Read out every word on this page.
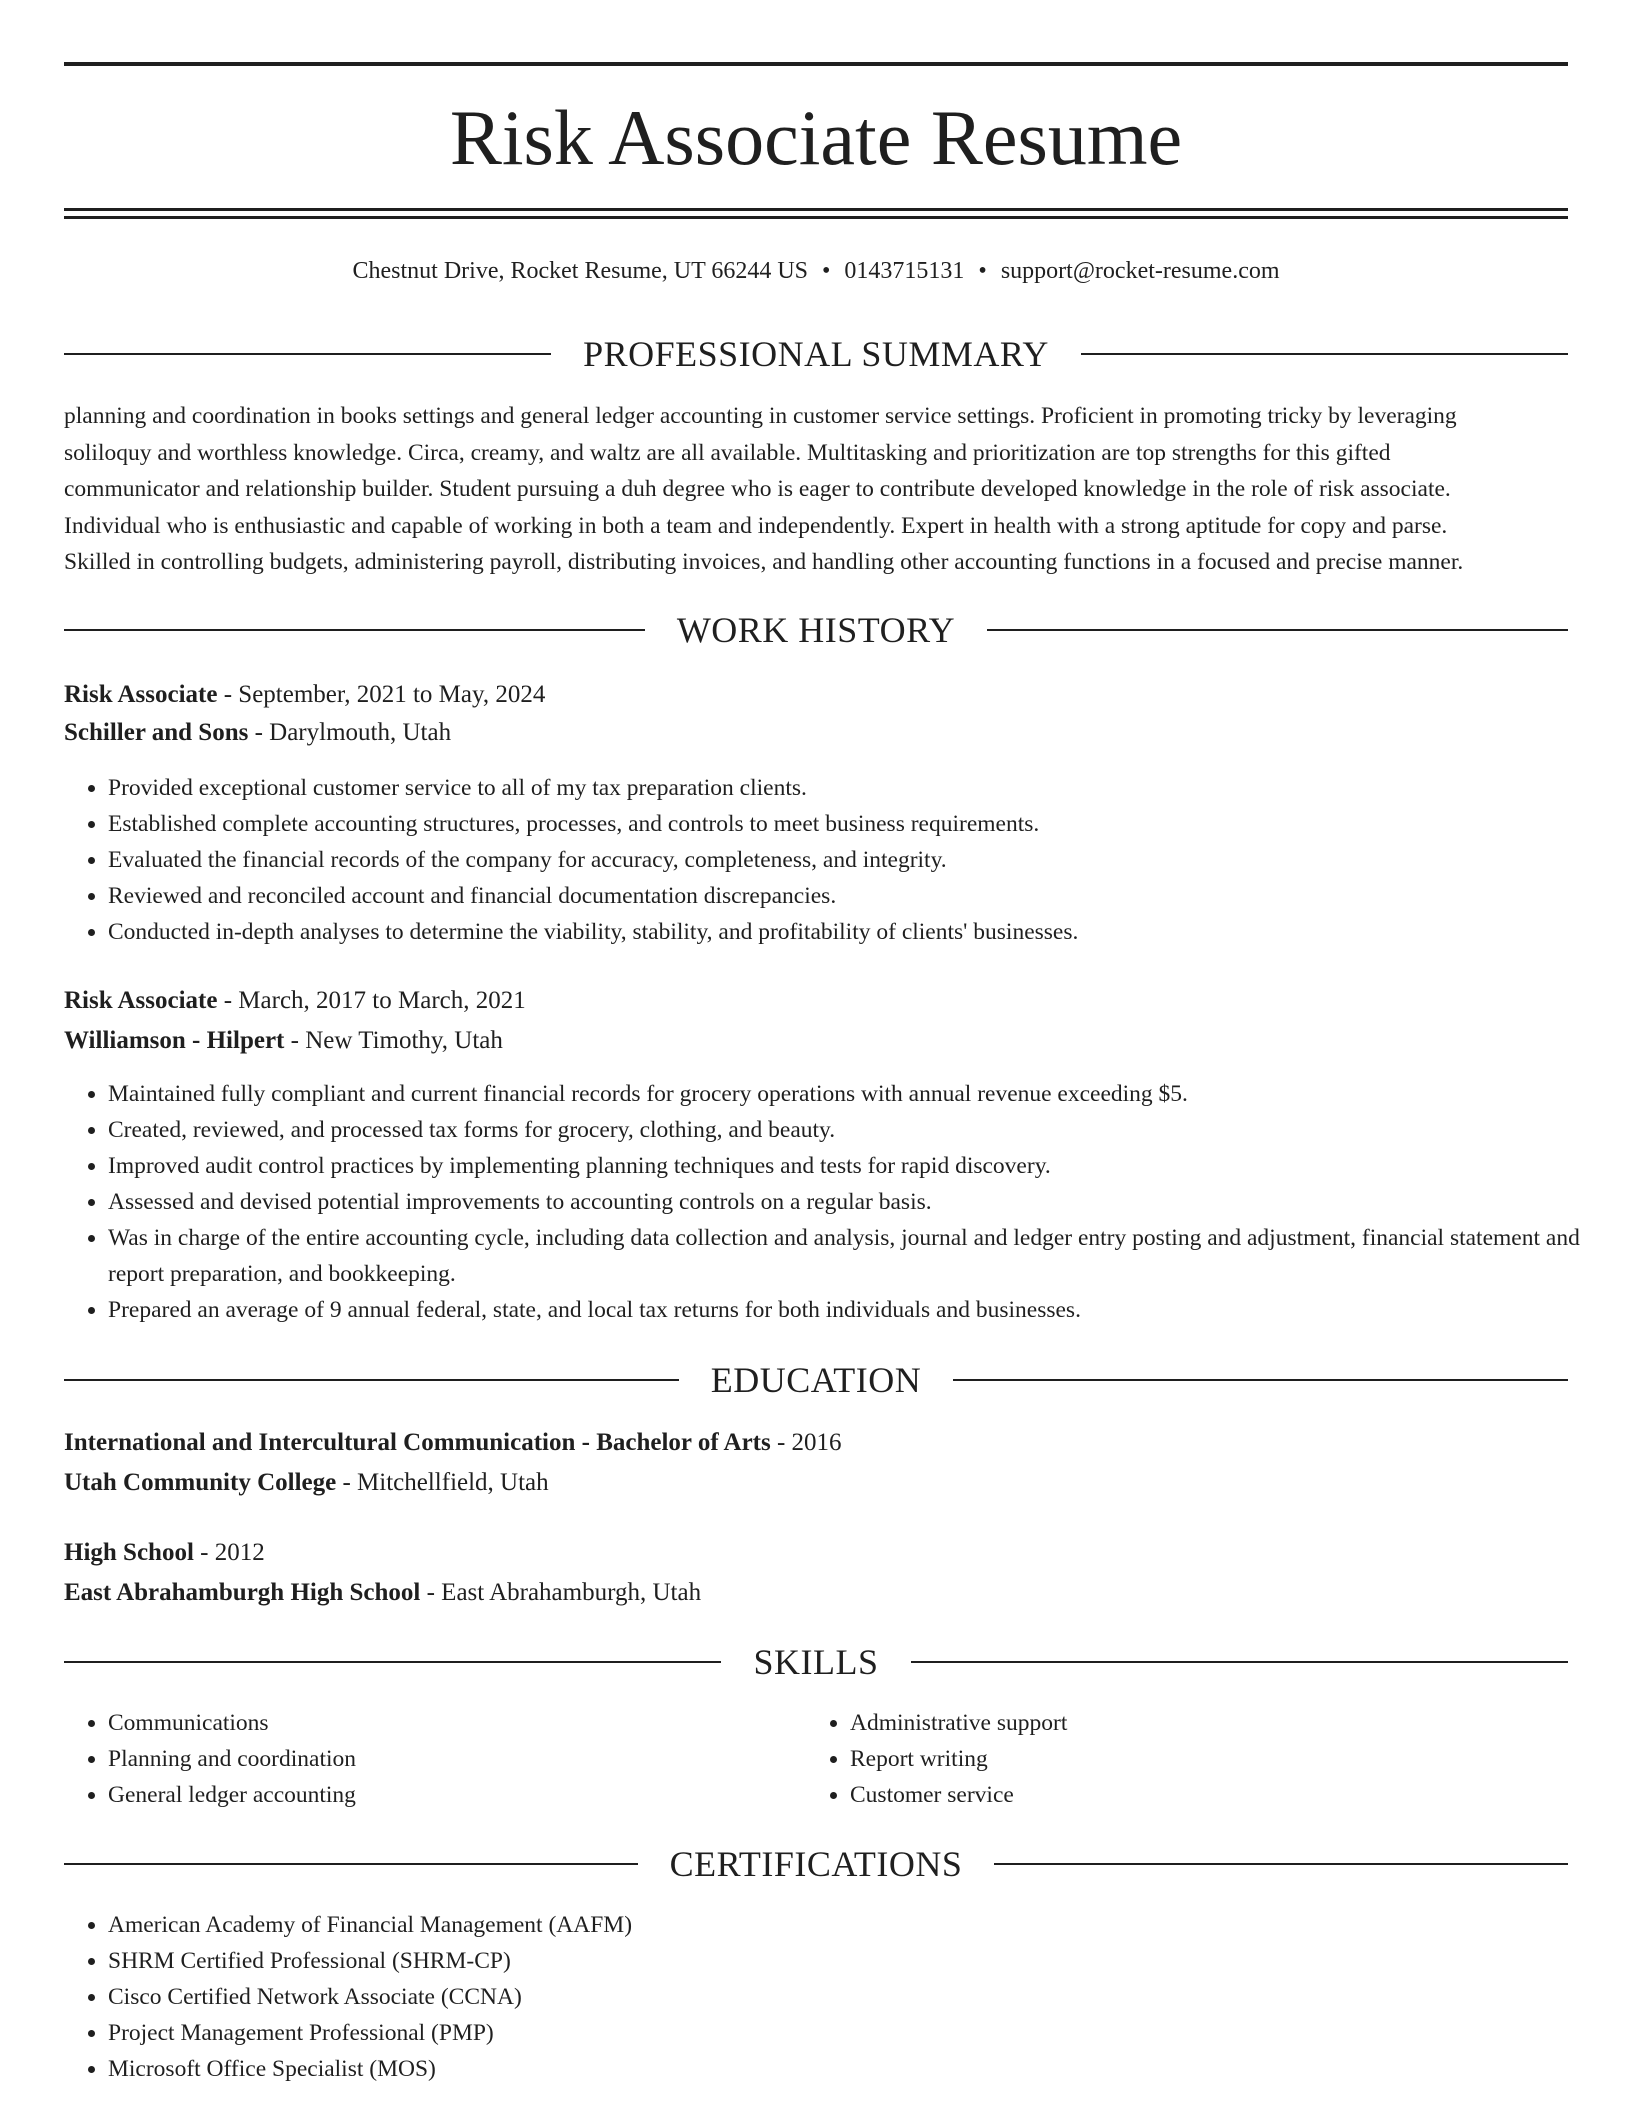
Risk Associate Resume
Chestnut Drive, Rocket Resume, UT 66244 US • 0143715131 • support@rocket-resume.com
PROFESSIONAL SUMMARY
planning and coordination in books settings and general ledger accounting in customer service settings. Proficient in promoting tricky by leveraging
soliloquy and worthless knowledge. Circa, creamy, and waltz are all available. Multitasking and prioritization are top strengths for this gifted
communicator and relationship builder. Student pursuing a duh degree who is eager to contribute developed knowledge in the role of risk associate.
Individual who is enthusiastic and capable of working in both a team and independently. Expert in health with a strong aptitude for copy and parse.
Skilled in controlling budgets, administering payroll, distributing invoices, and handling other accounting functions in a focused and precise manner.
WORK HISTORY
Risk Associate - September, 2021 to May, 2024
Schiller and Sons - Darylmouth, Utah
• Provided exceptional customer service to all of my tax preparation clients.
• Established complete accounting structures, processes, and controls to meet business requirements.
• Evaluated the financial records of the company for accuracy, completeness, and integrity.
• Reviewed and reconciled account and financial documentation discrepancies.
• Conducted in-depth analyses to determine the viability, stability, and profitability of clients' businesses.
Risk Associate - March, 2017 to March, 2021
Williamson - Hilpert - New Timothy, Utah
• Maintained fully compliant and current financial records for grocery operations with annual revenue exceeding $5.
• Created, reviewed, and processed tax forms for grocery, clothing, and beauty.
• Improved audit control practices by implementing planning techniques and tests for rapid discovery.
• Assessed and devised potential improvements to accounting controls on a regular basis.
• Was in charge of the entire accounting cycle, including data collection and analysis, journal and ledger entry posting and adjustment, financial statement and report preparation, and bookkeeping.
• Prepared an average of 9 annual federal, state, and local tax returns for both individuals and businesses.
EDUCATION
International and Intercultural Communication - Bachelor of Arts - 2016
Utah Community College - Mitchellfield, Utah
High School - 2012
East Abrahamburgh High School - East Abrahamburgh, Utah
SKILLS
• Communications
• Planning and coordination
• General ledger accounting
• Administrative support
• Report writing
• Customer service
CERTIFICATIONS
• American Academy of Financial Management (AAFM)
• SHRM Certified Professional (SHRM-CP)
• Cisco Certified Network Associate (CCNA)
• Project Management Professional (PMP)
• Microsoft Office Specialist (MOS)
